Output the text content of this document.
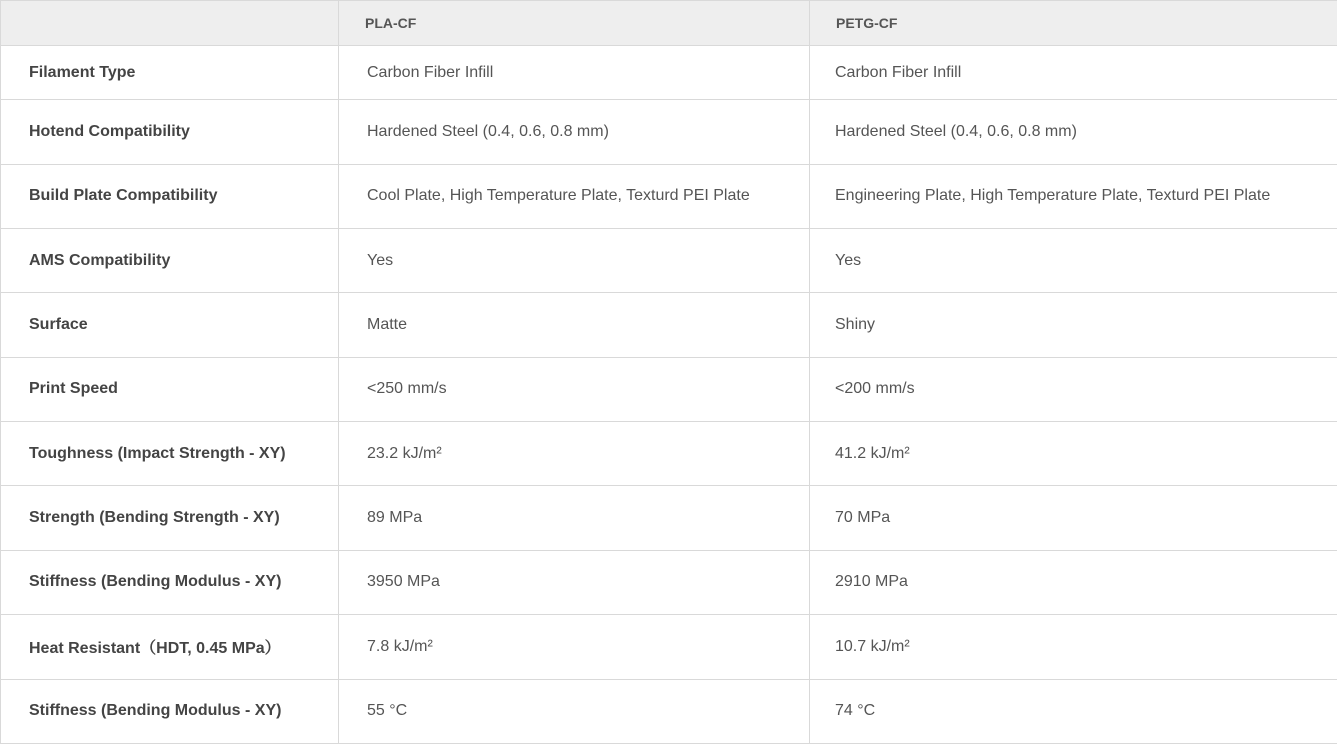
	PLA-CF	PETG-CF
Filament Type	Carbon Fiber Infill	Carbon Fiber Infill
Hotend Compatibility	Hardened Steel (0.4, 0.6, 0.8 mm)	Hardened Steel (0.4, 0.6, 0.8 mm)
Build Plate Compatibility	Cool Plate, High Temperature Plate, Texturd PEI Plate	Engineering Plate, High Temperature Plate, Texturd PEI Plate
AMS Compatibility	Yes	Yes
Surface	Matte	Shiny
Print Speed	<250 mm/s	<200 mm/s
Toughness (Impact Strength - XY)	23.2 kJ/m²	41.2 kJ/m²
Strength (Bending Strength - XY)	89 MPa	70 MPa
Stiffness (Bending Modulus - XY)	3950 MPa	2910 MPa
Heat Resistant（HDT, 0.45 MPa）	7.8 kJ/m²	10.7 kJ/m²
Stiffness (Bending Modulus - XY)	55 °C	74 °C
